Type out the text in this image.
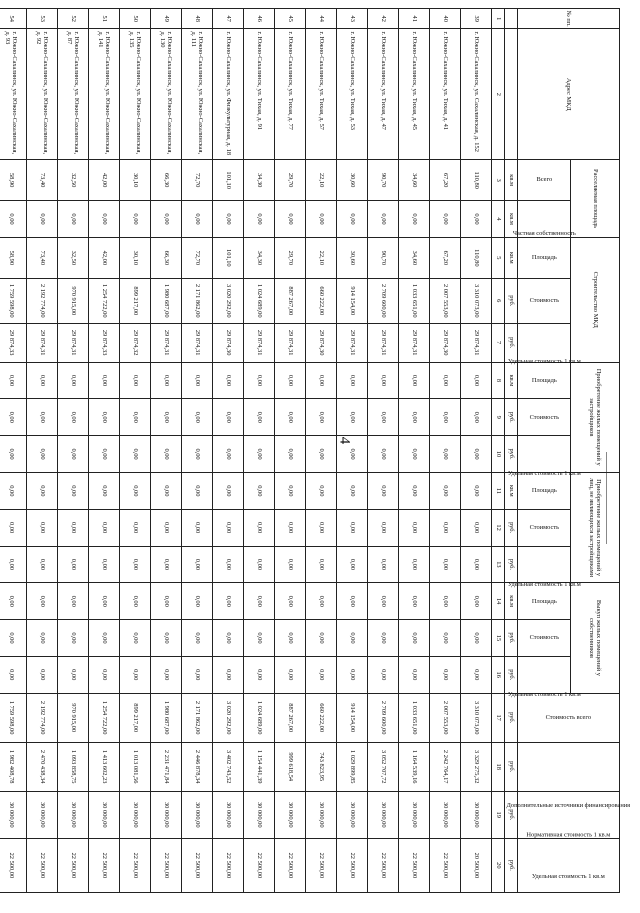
4
№ пп.	Адрес МКД	Расселяемая площадь		Строительство МКД			Приобретение жилых помещений у застройщиков			Приобретение жилых помещений у лиц, не являющихся застройщиками			Выкуп жилых помещений у собственников			Стоимость всего	Дополнительные источники финансирования	Нормативная стоимость 1 кв.м	Удельная стоимость 1 кв.м
		Всего	Частная собственность	Площадь	Стоимость	Удельная стоимость 1 кв.м	Площадь	Стоимость	Удельная стоимость 1 кв.м	Площадь	Стоимость	Удельная стоимость 1 кв.м	Площадь	Стоимость	Удельная стоимость 1 кв.м				
		кв.м	кв.м	кв.м	руб.	руб.	кв.м	руб.	руб.	кв.м	руб.	руб.	кв.м	руб.	руб.	руб.	руб.	руб.	руб.
1	2	3	4	5	6	7	8	9	10	11	12	13	14	15	16	17	18	19	20
39	г. Южно-Сахалинск, ул. Сахалинская, д. 152	110,80	0,00	110,80	3 310 073,00	29 874,31	0,00	0,00	0,00	0,00	0,00	0,00	0,00	0,00	0,00	3 310 073,00	3 329 275,32	30 000,00	20 500,00
40	г. Южно-Сахалинск, ул. Тихая, д. 41	67,20	0,00	67,20	2 007 553,00	29 874,30	0,00	0,00	0,00	0,00	0,00	0,00	0,00	0,00	0,00	2 007 553,00	2 242 764,17	30 000,00	22 500,00
41	г. Южно-Сахалинск, ул. Тихая, д. 45	34,60	0,00	34,60	1 033 651,00	29 874,31	0,00	0,00	0,00	0,00	0,00	0,00	0,00	0,00	0,00	1 033 651,00	1 164 539,16	30 000,00	22 500,00
42	г. Южно-Сахалинск, ул. Тихая, д. 47	90,70	0,00	90,70	2 709 600,00	29 874,31	0,00	0,00	0,00	0,00	0,00	0,00	0,00	0,00	0,00	2 709 600,00	3 052 707,72	30 000,00	22 500,00
43	г. Южно-Сахалинск, ул. Тихая, д. 53	30,60	0,00	30,60	914 154,00	29 874,31	0,00	0,00	0,00	0,00	0,00	0,00	0,00	0,00	0,00	914 154,00	1 029 899,85	30 000,00	22 500,00
44	г. Южно-Сахалинск, ул. Тихая, д. 57	22,10	0,00	22,10	660 222,00	29 874,30	0,00	0,00	0,00	0,00	0,00	0,00	0,00	0,00	0,00	660 222,00	743 823,95	30 000,00	22 500,00
45	г. Южно-Сахалинск, ул. Тихая, д. 77	29,70	0,00	29,70	887 267,00	29 874,31	0,00	0,00	0,00	0,00	0,00	0,00	0,00	0,00	0,00	887 267,00	999 618,54	30 000,00	22 500,00
46	г. Южно-Сахалинск, ул. Тихая, д. 91	34,30	0,00	34,30	1 024 689,00	29 874,31	0,00	0,00	0,00	0,00	0,00	0,00	0,00	0,00	0,00	1 024 689,00	1 154 441,39	30 000,00	22 500,00
47	г. Южно-Сахалинск, ул. Физкультурная, д. 18	101,10	0,00	101,10	3 020 292,00	29 874,30	0,00	0,00	0,00	0,00	0,00	0,00	0,00	0,00	0,00	3 020 292,00	3 402 743,52	30 000,00	22 500,00
48	г. Южно-Сахалинск, ул. Южно-Сахалинская, д. 111	72,70	0,00	72,70	2 171 862,00	29 874,31	0,00	0,00	0,00	0,00	0,00	0,00	0,00	0,00	0,00	2 171 862,00	2 446 878,34	30 000,00	22 500,00
49	г. Южно-Сахалинск, ул. Южно-Сахалинская, д. 130	66,30	0,00	66,30	1 980 687,00	29 874,31	0,00	0,00	0,00	0,00	0,00	0,00	0,00	0,00	0,00	1 980 687,00	2 231 471,84	30 000,00	22 500,00
50	г. Южно-Сахалинск, ул. Южно-Сахалинская, д. 135	30,10	0,00	30,10	899 217,00	29 874,32	0,00	0,00	0,00	0,00	0,00	0,00	0,00	0,00	0,00	899 217,00	1 013 081,56	30 000,00	22 500,00
51	г. Южно-Сахалинск, ул. Южно-Сахалинская, д. 141	42,00	0,00	42,00	1 254 722,00	29 874,33	0,00	0,00	0,00	0,00	0,00	0,00	0,00	0,00	0,00	1 254 722,00	1 413 602,23	30 000,00	22 500,00
52	г. Южно-Сахалинск, ул. Южно-Сахалинская, д. 87	32,50	0,00	32,50	970 915,00	29 874,31	0,00	0,00	0,00	0,00	0,00	0,00	0,00	0,00	0,00	970 915,00	1 093 858,75	30 000,00	22 500,00
53	г. Южно-Сахалинск, ул. Южно-Сахалинская, д. 92	73,40	0,00	73,40	2 192 774,00	29 874,31	0,00	0,00	0,00	0,00	0,00	0,00	0,00	0,00	0,00	2 192 774,00	2 470 438,34	30 000,00	22 500,00
54	г. Южно-Сахалинск, ул. Южно-Сахалинская, д. 93	58,90	0,00	58,90	1 759 598,00	29 874,33	0,00	0,00	0,00	0,00	0,00	0,00	0,00	0,00	0,00	1 759 598,00	1 982 408,78	30 000,00	22 500,00
